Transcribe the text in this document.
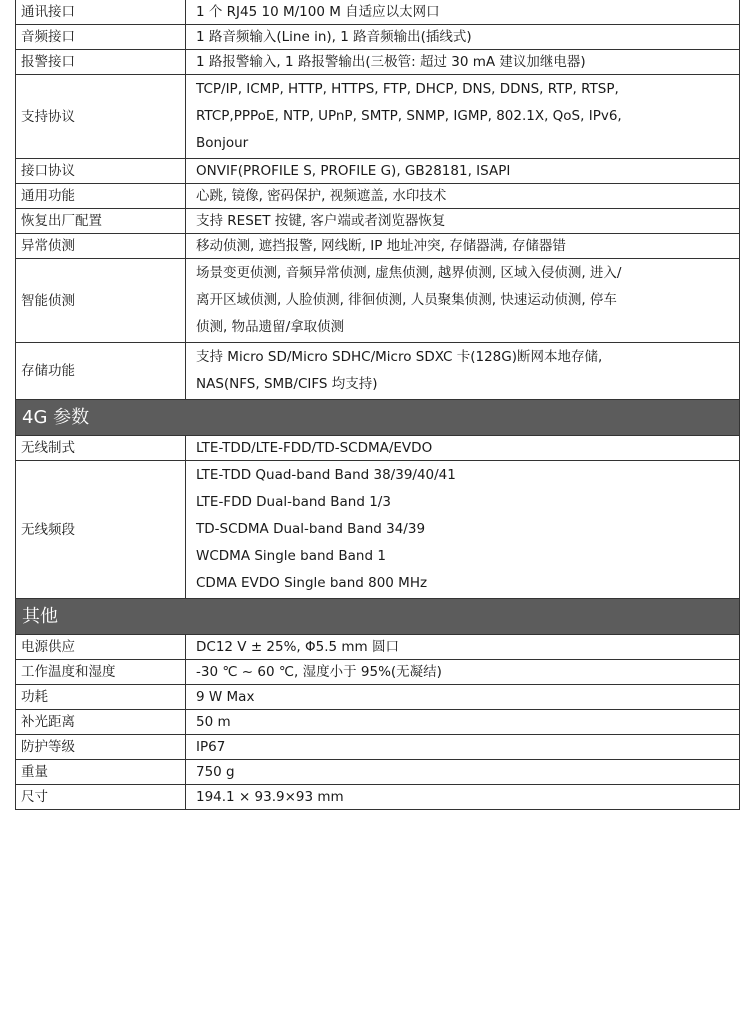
通讯接口	1 个 RJ45 10 M/100 M 自适应以太网口
音频接口	1 路音频输入(Line in), 1 路音频输出(插线式)
报警接口	1 路报警输入, 1 路报警输出(三极管: 超过 30 mA 建议加继电器)
支持协议	TCP/IP, ICMP, HTTP, HTTPS, FTP, DHCP, DNS, DDNS, RTP, RTSP,
RTCP,PPPoE, NTP, UPnP, SMTP, SNMP, IGMP, 802.1X, QoS, IPv6,
Bonjour

接口协议	ONVIF(PROFILE S, PROFILE G), GB28181, ISAPI
通用功能	心跳, 镜像, 密码保护, 视频遮盖, 水印技术
恢复出厂配置	支持 RESET 按键, 客户端或者浏览器恢复
异常侦测	移动侦测, 遮挡报警, 网线断, IP 地址冲突, 存储器满, 存储器错
智能侦测	场景变更侦测, 音频异常侦测, 虚焦侦测, 越界侦测, 区域入侵侦测, 进入/
离开区域侦测, 人脸侦测, 徘徊侦测, 人员聚集侦测, 快速运动侦测, 停车
侦测, 物品遗留/拿取侦测

存储功能	支持 Micro SD/Micro SDHC/Micro SDXC 卡(128G)断网本地存储,
NAS(NFS, SMB/CIFS 均支持)

4G 参数	
无线制式	LTE-TDD/LTE-FDD/TD-SCDMA/EVDO
无线频段	LTE-TDD Quad-band Band 38/39/40/41
LTE-FDD Dual-band Band 1/3
TD-SCDMA Dual-band Band 34/39
WCDMA Single band Band 1
CDMA EVDO Single band 800 MHz

其他	
电源供应	DC12 V ± 25%, Φ5.5 mm 圆口
工作温度和湿度	-30 ℃ ~ 60 ℃, 湿度小于 95%(无凝结)
功耗	9 W Max
补光距离	50 m
防护等级	IP67
重量	750 g
尺寸	194.1 × 93.9×93 mm
